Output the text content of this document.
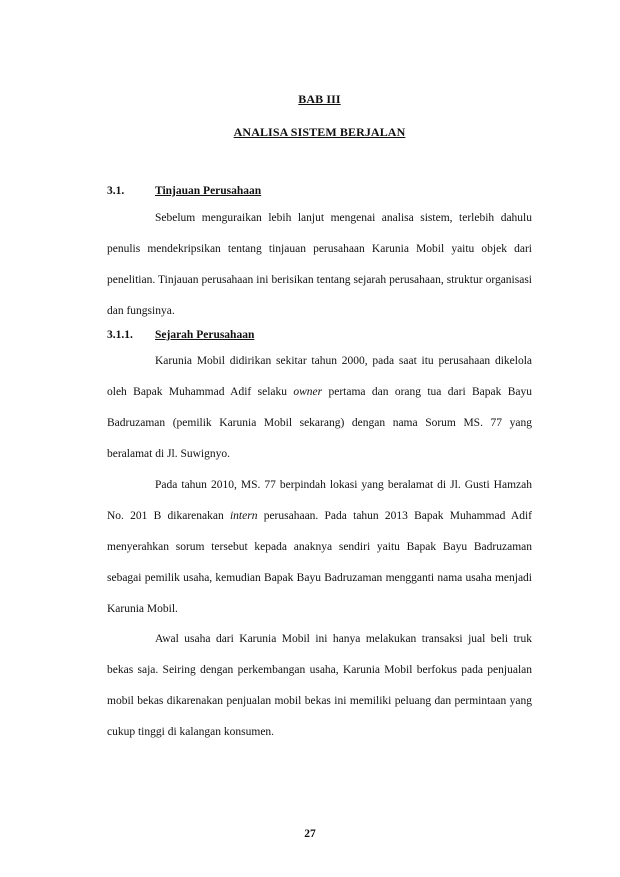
BAB III
ANALISA SISTEM BERJALAN
3.1.	Tinjauan Perusahaan

Sebelum menguraikan lebih lanjut mengenai analisa sistem, terlebih dahulu penulis mendekripsikan tentang tinjauan perusahaan Karunia Mobil yaitu objek dari penelitian. Tinjauan perusahaan ini berisikan tentang sejarah perusahaan, struktur organisasi dan fungsinya.

3.1.1. Sejarah Perusahaan

Karunia Mobil didirikan sekitar tahun 2000, pada saat itu perusahaan dikelola oleh Bapak Muhammad Adif selaku owner pertama dan orang tua dari Bapak Bayu Badruzaman (pemilik Karunia Mobil sekarang) dengan nama Sorum MS. 77 yang beralamat di Jl. Suwignyo.

Pada tahun 2010, MS. 77 berpindah lokasi yang beralamat di Jl. Gusti Hamzah No. 201 B dikarenakan intern perusahaan. Pada tahun 2013 Bapak Muhammad Adif menyerahkan sorum tersebut kepada anaknya sendiri yaitu Bapak Bayu Badruzaman sebagai pemilik usaha, kemudian Bapak Bayu Badruzaman mengganti nama usaha menjadi Karunia Mobil.

Awal usaha dari Karunia Mobil ini hanya melakukan transaksi jual beli truk bekas saja. Seiring dengan perkembangan usaha, Karunia Mobil berfokus pada penjualan mobil bekas dikarenakan penjualan mobil bekas ini memiliki peluang dan permintaan yang cukup tinggi di kalangan konsumen.

27
